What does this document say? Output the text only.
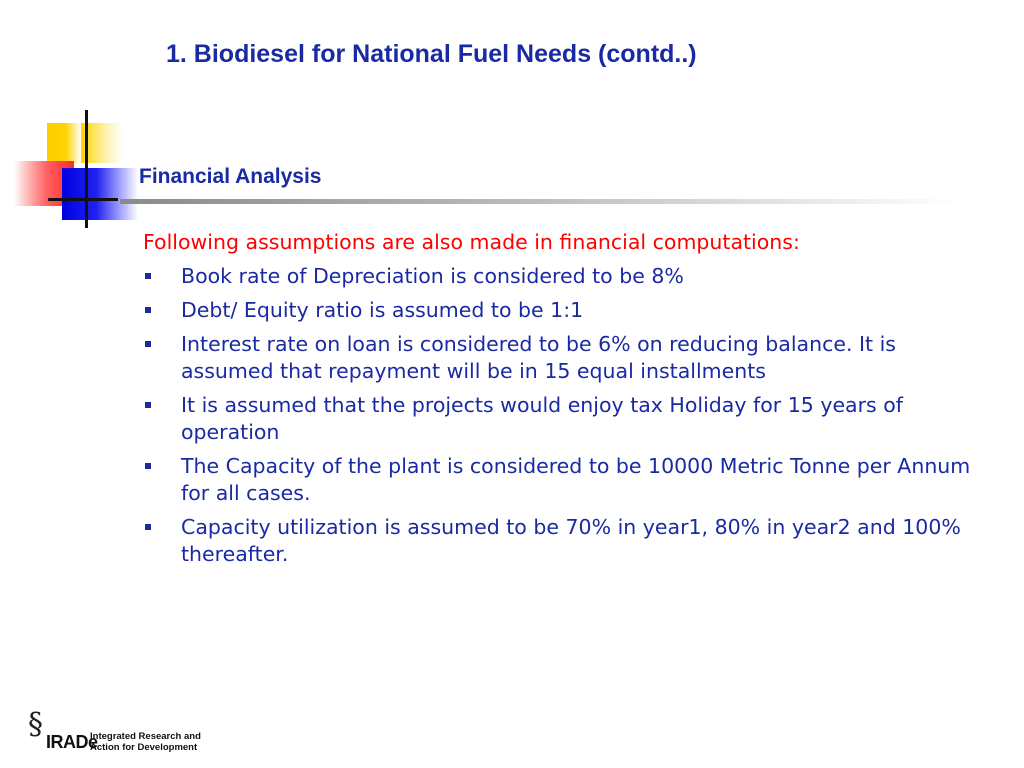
1. Biodiesel for National Fuel Needs (contd..)
Financial Analysis
Following assumptions are also made in financial computations:
Book rate of Depreciation is considered to be 8%
Debt/ Equity ratio is assumed to be 1:1
Interest rate on loan is considered to be 6% on reducing balance. It is assumed that repayment will be in 15 equal installments
It is assumed that the projects would enjoy tax Holiday for 15 years of operation
The Capacity of the plant is considered to be 10000 Metric Tonne per Annum for all cases.
Capacity utilization is assumed to be 70% in year1, 80% in year2 and 100% thereafter.
§ IRADe
Integrated Research and
Action for Development
